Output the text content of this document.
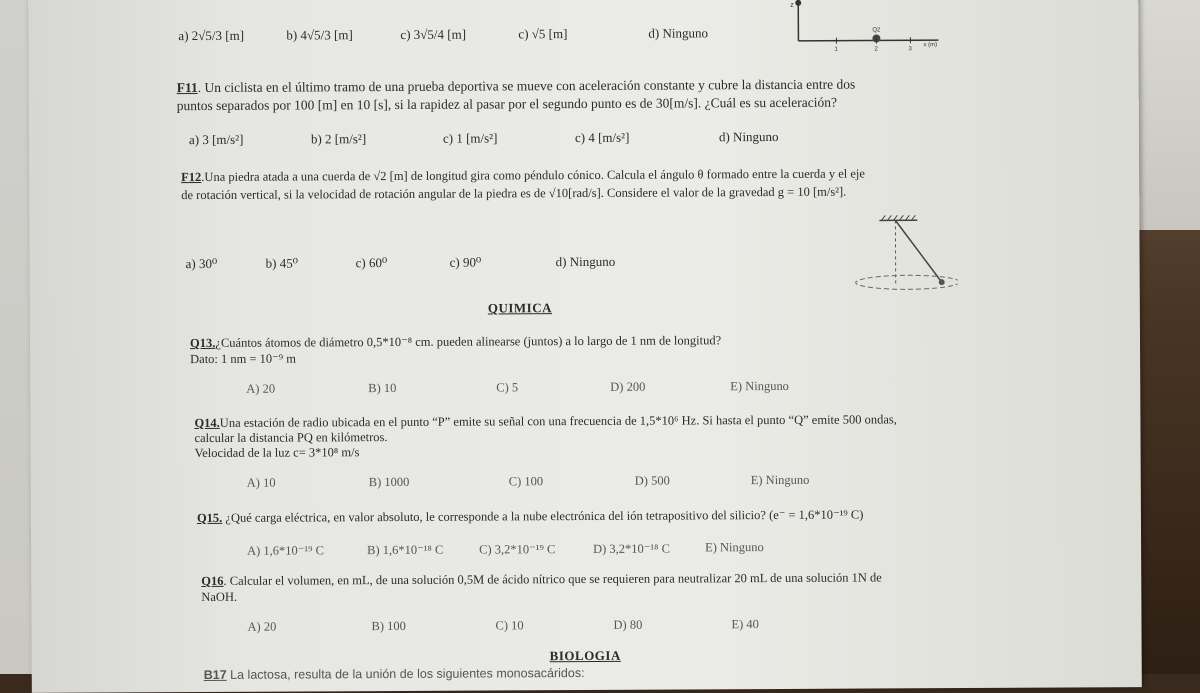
a) 2√5/3 [m]	b) 4√5/3 [m]	c) 3√5/4 [m]	c) √5 [m]	d) Ninguno
z
1	2	3
x (m)
Q2
F11. Un ciclista en el último tramo de una prueba deportiva se mueve con aceleración constante y cubre la distancia entre dos
puntos separados por 100 [m] en 10 [s], si la rapidez al pasar por el segundo punto es de 30[m/s]. ¿Cuál es su aceleración?
a) 3 [m/s²]	b) 2 [m/s²]	c) 1 [m/s²]	c) 4 [m/s²]	d) Ninguno
F12.Una piedra atada a una cuerda de √2 [m] de longitud gira como péndulo cónico. Calcula el ángulo θ formado entre la cuerda y el eje
de rotación vertical, si la velocidad de rotación angular de la piedra es de √10[rad/s]. Considere el valor de la gravedad g = 10 [m/s²].
a) 30⁰	b) 45⁰	c) 60⁰	c) 90⁰	d) Ninguno
QUIMICA
Q13.¿Cuántos átomos de diámetro 0,5*10⁻⁸ cm. pueden alinearse (juntos) a lo largo de 1 nm de longitud?
Dato: 1 nm = 10⁻⁹ m
A) 20	B) 10	C) 5	D) 200	E) Ninguno
Q14.Una estación de radio ubicada en el punto “P” emite su señal con una frecuencia de 1,5*10⁶ Hz. Si hasta el punto “Q” emite 500 ondas,
calcular la distancia PQ en kilómetros.
Velocidad de la luz c= 3*10⁸ m/s
A) 10	B) 1000	C) 100	D) 500	E) Ninguno
Q15. ¿Qué carga eléctrica, en valor absoluto, le corresponde a la nube electrónica del ión tetrapositivo del silicio? (e⁻ = 1,6*10⁻¹⁹ C)
A) 1,6*10⁻¹⁹ C	B) 1,6*10⁻¹⁸ C	C) 3,2*10⁻¹⁹ C	D) 3,2*10⁻¹⁸ C	E) Ninguno
Q16. Calcular el volumen, en mL, de una solución 0,5M de ácido nítrico que se requieren para neutralizar 20 mL de una solución 1N de
NaOH.
A) 20	B) 100	C) 10	D) 80	E) 40
BIOLOGIA
B17 La lactosa, resulta de la unión de los siguientes monosacáridos:
